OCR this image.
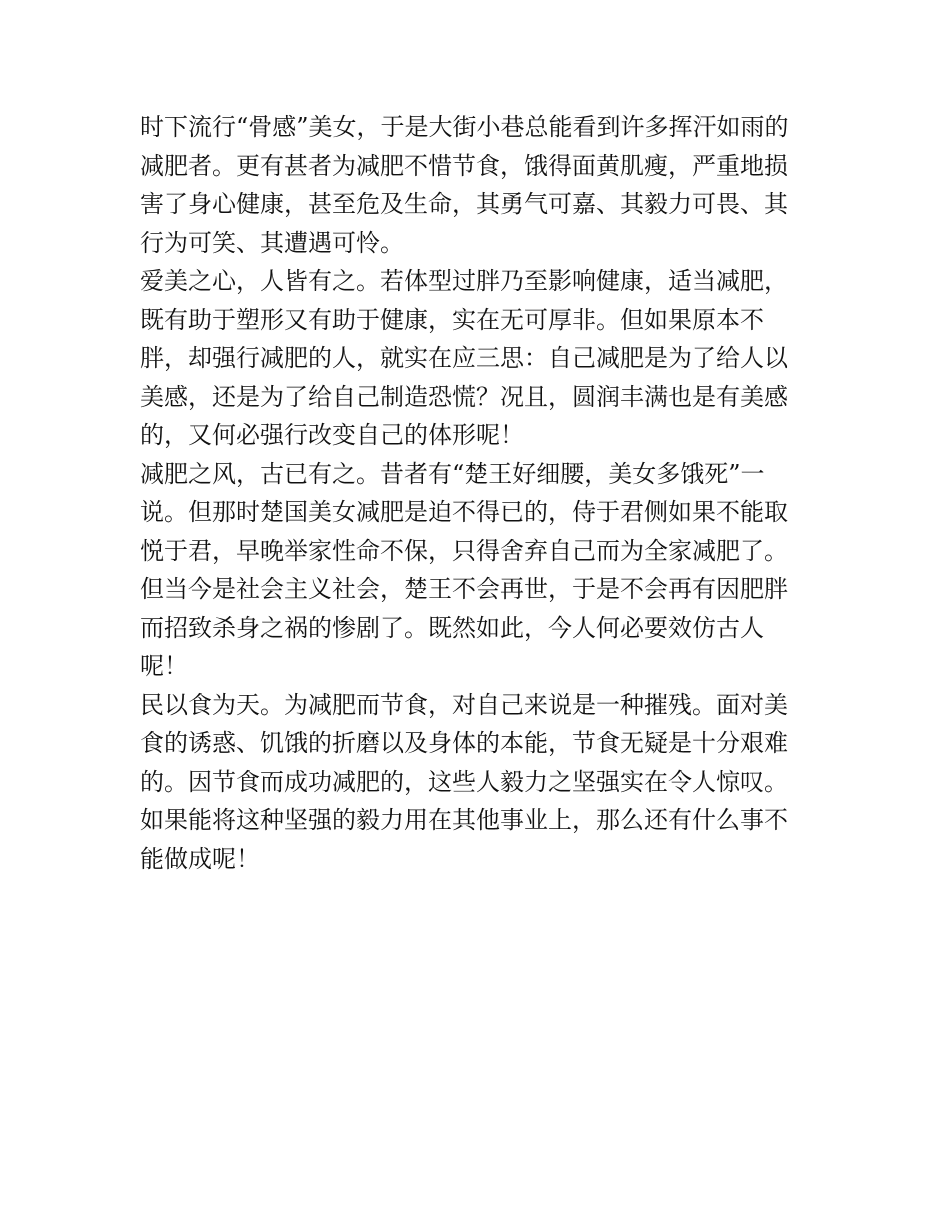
时下流行“骨感”美女，于是大街小巷总能看到许多挥汗如雨的
减肥者。更有甚者为减肥不惜节食，饿得面黄肌瘦，严重地损
害了身心健康，甚至危及生命，其勇气可嘉、其毅力可畏、其
行为可笑、其遭遇可怜。
爱美之心，人皆有之。若体型过胖乃至影响健康，适当减肥，
既有助于塑形又有助于健康，实在无可厚非。但如果原本不
胖，却强行减肥的人，就实在应三思：自己减肥是为了给人以
美感，还是为了给自己制造恐慌？况且，圆润丰满也是有美感
的，又何必强行改变自己的体形呢！
减肥之风，古已有之。昔者有“楚王好细腰，美女多饿死”一
说。但那时楚国美女减肥是迫不得已的，侍于君侧如果不能取
悦于君，早晚举家性命不保，只得舍弃自己而为全家减肥了。
但当今是社会主义社会，楚王不会再世，于是不会再有因肥胖
而招致杀身之祸的惨剧了。既然如此，今人何必要效仿古人
呢！
民以食为天。为减肥而节食，对自己来说是一种摧残。面对美
食的诱惑、饥饿的折磨以及身体的本能，节食无疑是十分艰难
的。因节食而成功减肥的，这些人毅力之坚强实在令人惊叹。
如果能将这种坚强的毅力用在其他事业上，那么还有什么事不
能做成呢！
